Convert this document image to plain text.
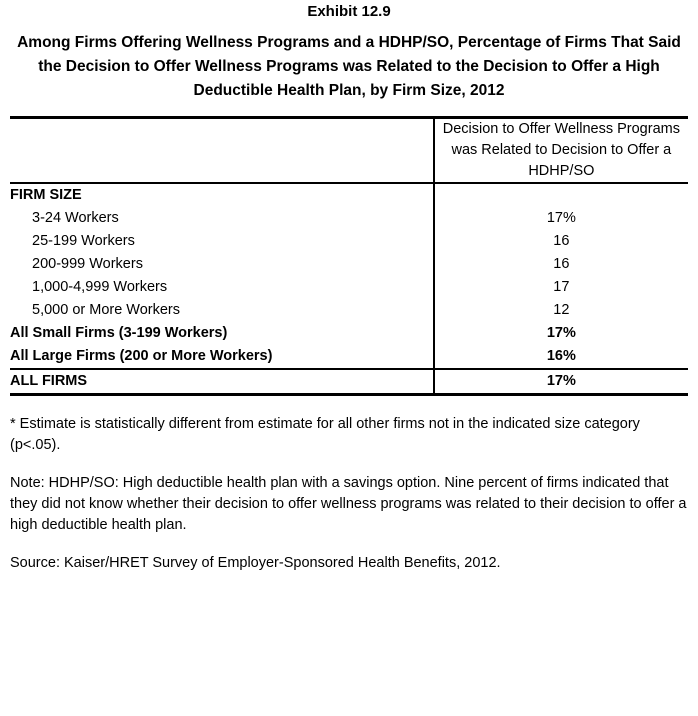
Exhibit 12.9
Among Firms Offering Wellness Programs and a HDHP/SO, Percentage of Firms That Said the Decision to Offer Wellness Programs was Related to the Decision to Offer a High Deductible Health Plan, by Firm Size, 2012
	Decision to Offer Wellness Programs was Related to Decision to Offer a HDHP/SO

FIRM SIZE	
3-24 Workers	17%
25-199 Workers	16
200-999 Workers	16
1,000-4,999 Workers	17
5,000 or More Workers	12
All Small Firms (3-199 Workers)	17%
All Large Firms (200 or More Workers)	16%
ALL FIRMS	17%

* Estimate is statistically different from estimate for all other firms not in the indicated size category (p<.05).

Note: HDHP/SO: High deductible health plan with a savings option. Nine percent of firms indicated that they did not know whether their decision to offer wellness programs was related to their decision to offer a high deductible health plan.

Source: Kaiser/HRET Survey of Employer-Sponsored Health Benefits, 2012.
